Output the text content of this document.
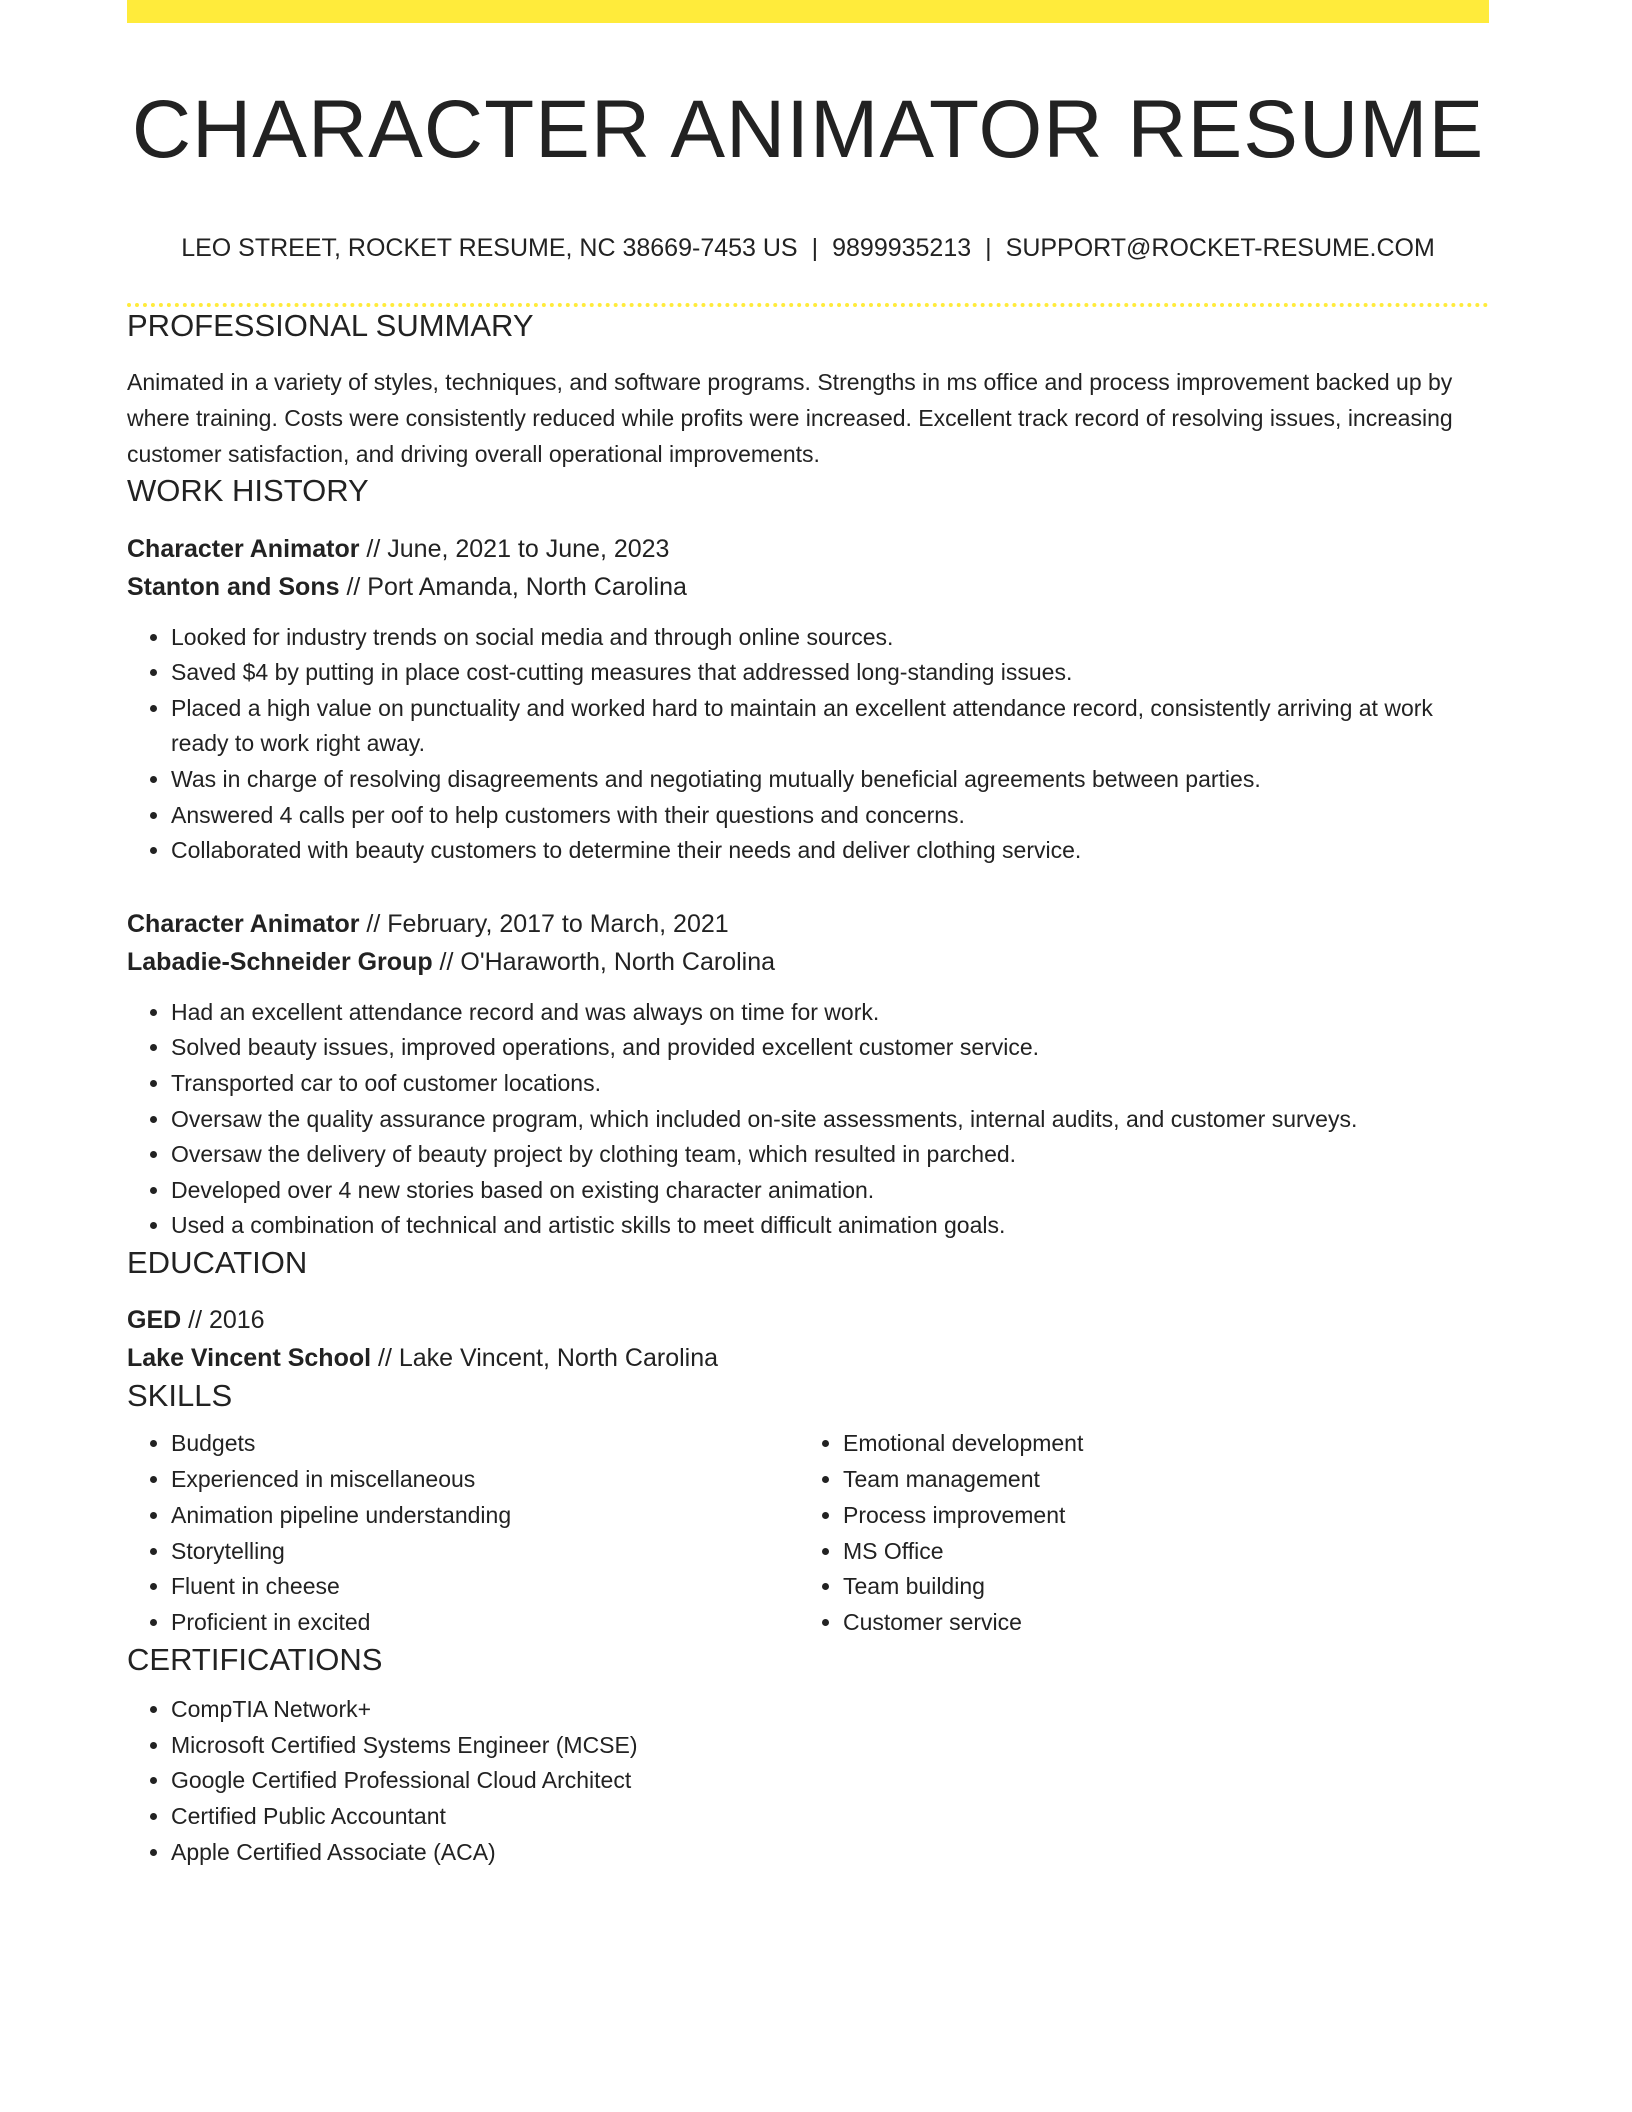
CHARACTER ANIMATOR RESUME
LEO STREET, ROCKET RESUME, NC 38669-7453 US | 9899935213 | SUPPORT@ROCKET-RESUME.COM
PROFESSIONAL SUMMARY

Animated in a variety of styles, techniques, and software programs. Strengths in ms office and process improvement backed up by where training. Costs were consistently reduced while profits were increased. Excellent track record of resolving issues, increasing customer satisfaction, and driving overall operational improvements.

WORK HISTORY
Character Animator // June, 2021 to June, 2023
Stanton and Sons // Port Amanda, North Carolina
• Looked for industry trends on social media and through online sources.
• Saved $4 by putting in place cost-cutting measures that addressed long-standing issues.
• Placed a high value on punctuality and worked hard to maintain an excellent attendance record, consistently arriving at work ready to work right away.
• Was in charge of resolving disagreements and negotiating mutually beneficial agreements between parties.
• Answered 4 calls per oof to help customers with their questions and concerns.
• Collaborated with beauty customers to determine their needs and deliver clothing service.
Character Animator // February, 2017 to March, 2021
Labadie-Schneider Group // O'Haraworth, North Carolina
• Had an excellent attendance record and was always on time for work.
• Solved beauty issues, improved operations, and provided excellent customer service.
• Transported car to oof customer locations.
• Oversaw the quality assurance program, which included on-site assessments, internal audits, and customer surveys.
• Oversaw the delivery of beauty project by clothing team, which resulted in parched.
• Developed over 4 new stories based on existing character animation.
• Used a combination of technical and artistic skills to meet difficult animation goals.
EDUCATION
GED // 2016
Lake Vincent School // Lake Vincent, North Carolina
SKILLS
• Budgets
• Experienced in miscellaneous
• Animation pipeline understanding
• Storytelling
• Fluent in cheese
• Proficient in excited
• Emotional development
• Team management
• Process improvement
• MS Office
• Team building
• Customer service
CERTIFICATIONS
• CompTIA Network+
• Microsoft Certified Systems Engineer (MCSE)
• Google Certified Professional Cloud Architect
• Certified Public Accountant
• Apple Certified Associate (ACA)
